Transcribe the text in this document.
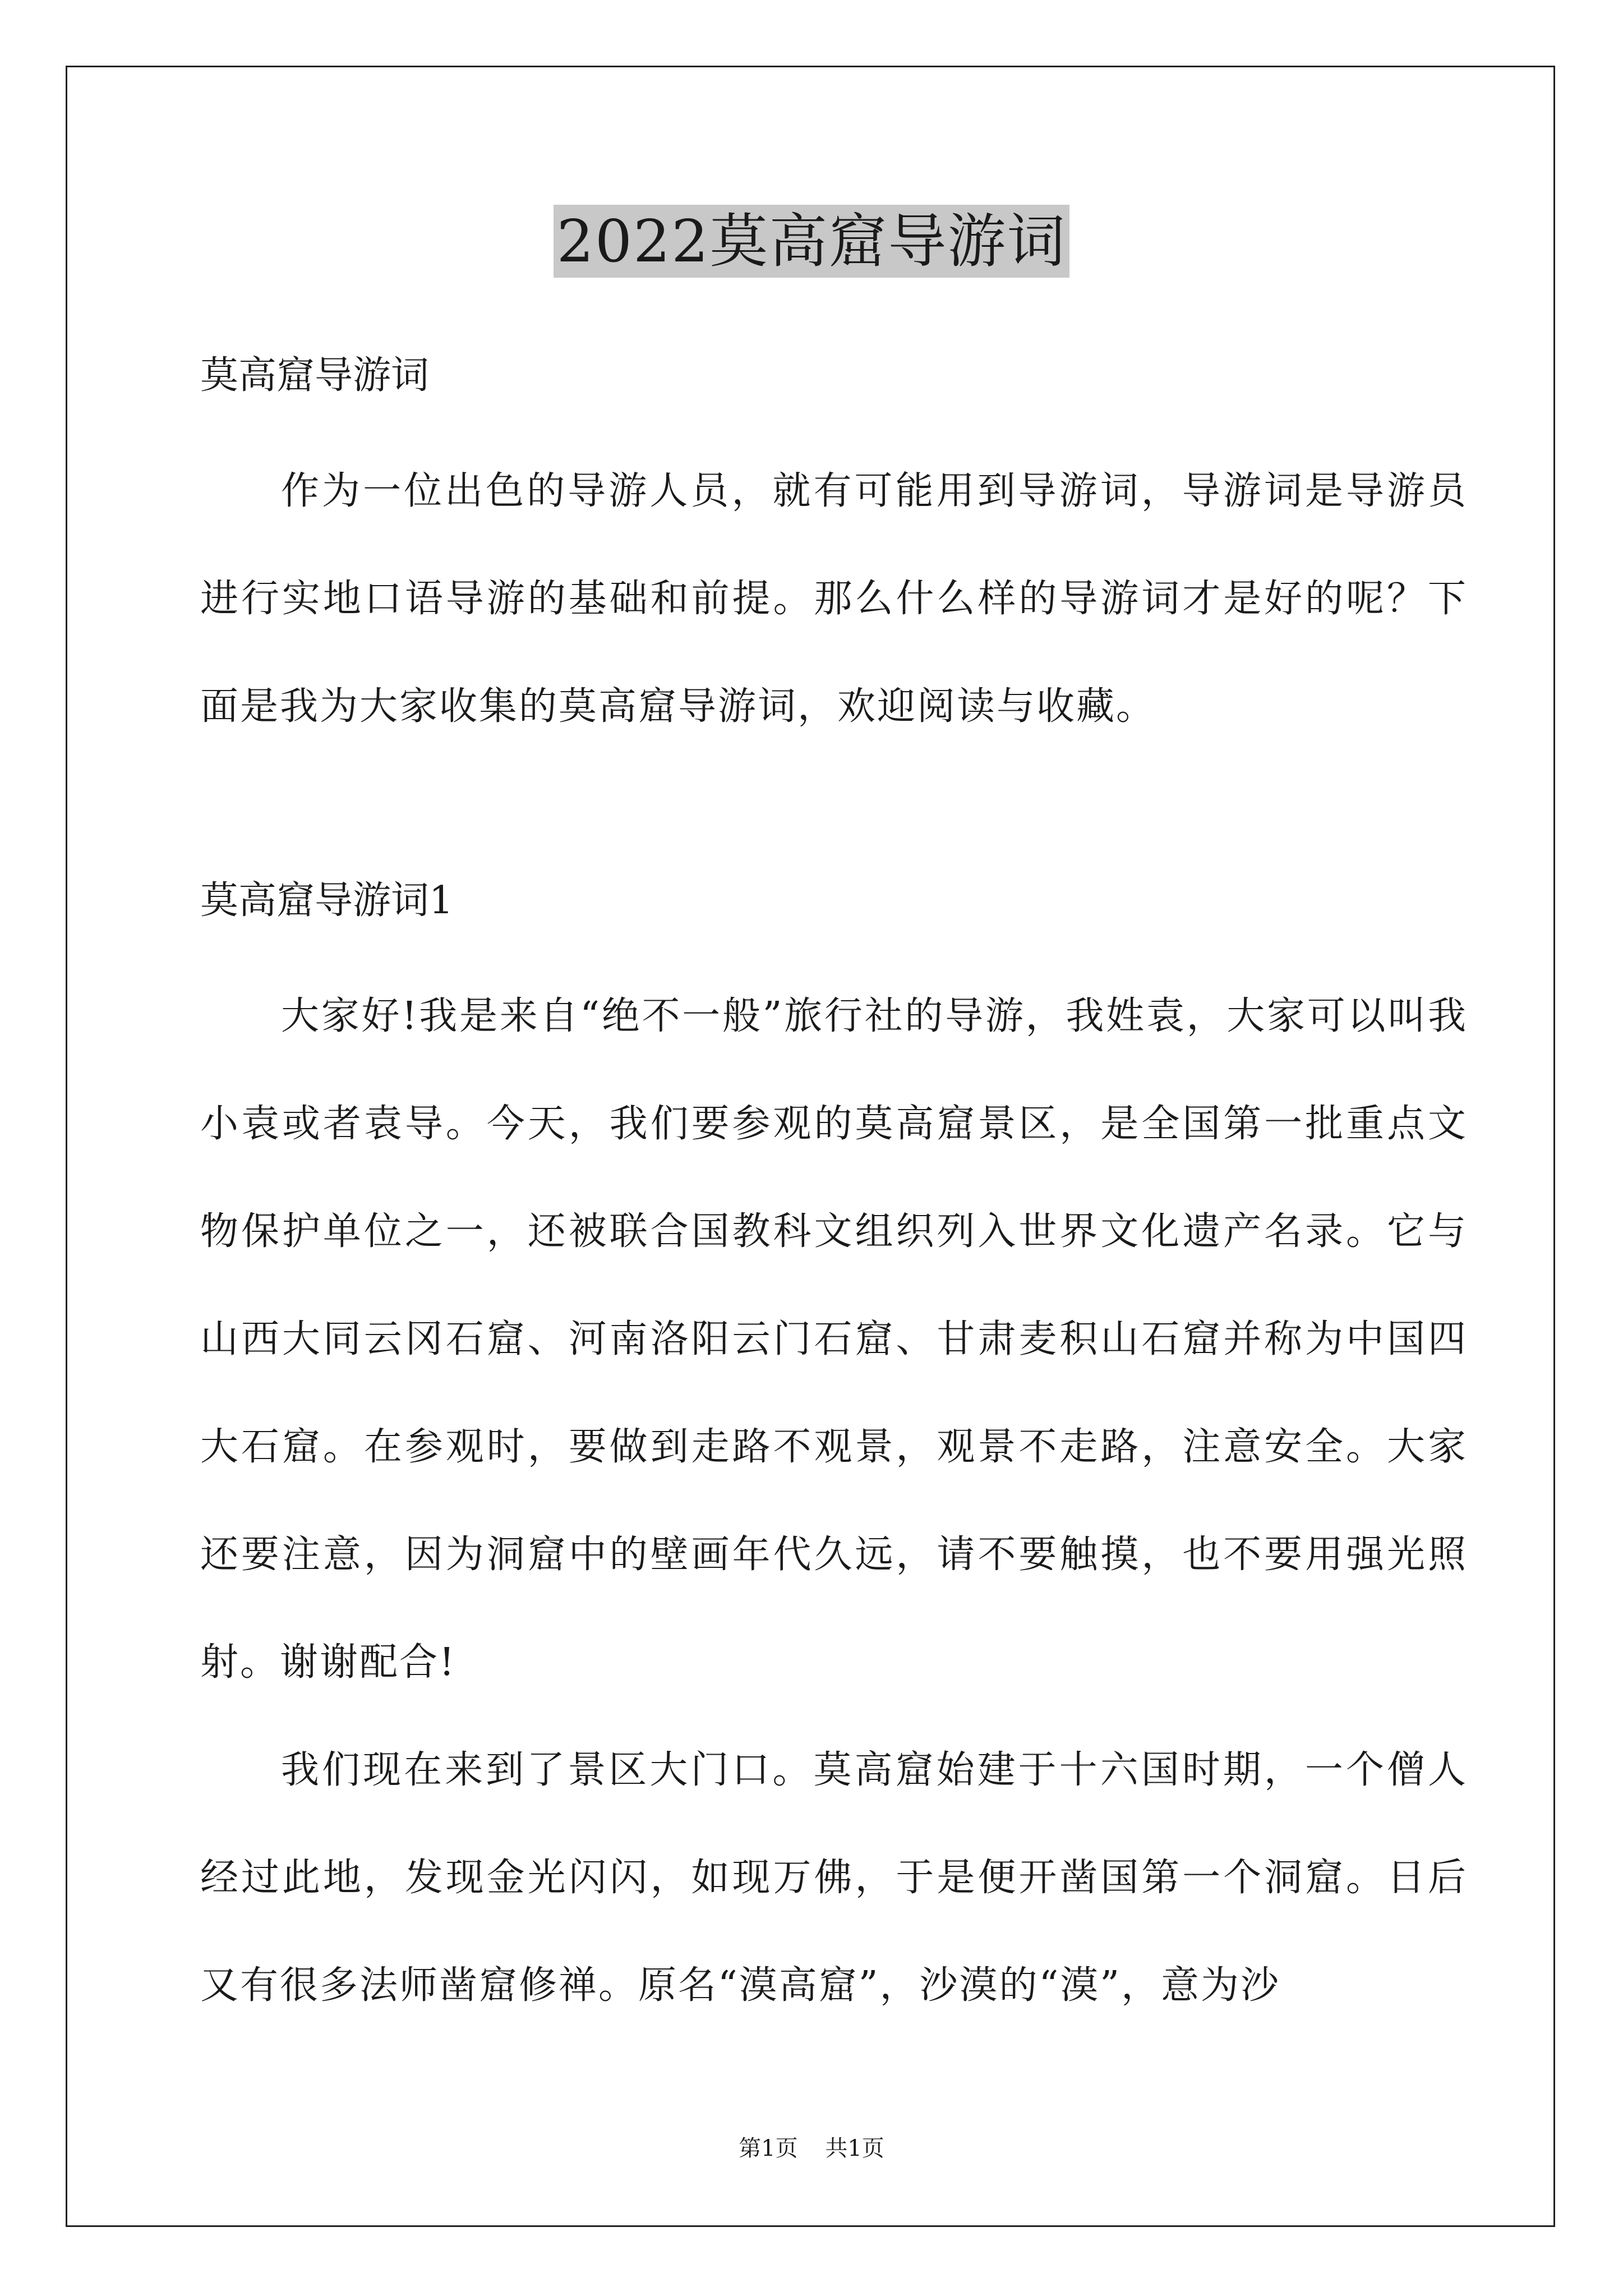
2022莫高窟导游词

莫高窟导游词

作为一位出色的导游人员，就有可能用到导游词，导游词是导游员进行实地口语导游的基础和前提。那么什么样的导游词才是好的呢？下面是我为大家收集的莫高窟导游词，欢迎阅读与收藏。

莫高窟导游词1

大家好!我是来自“绝不一般”旅行社的导游，我姓袁，大家可以叫我小袁或者袁导。今天，我们要参观的莫高窟景区，是全国第一批重点文物保护单位之一，还被联合国教科文组织列入世界文化遗产名录。它与山西大同云冈石窟、河南洛阳云门石窟、甘肃麦积山石窟并称为中国四大石窟。在参观时，要做到走路不观景，观景不走路，注意安全。大家还要注意，因为洞窟中的壁画年代久远，请不要触摸，也不要用强光照射。谢谢配合!

我们现在来到了景区大门口。莫高窟始建于十六国时期，一个僧人经过此地，发现金光闪闪，如现万佛，于是便开凿国第一个洞窟。日后又有很多法师凿窟修禅。原名“漠高窟”，沙漠的“漠”，意为沙

第1页 共1页
